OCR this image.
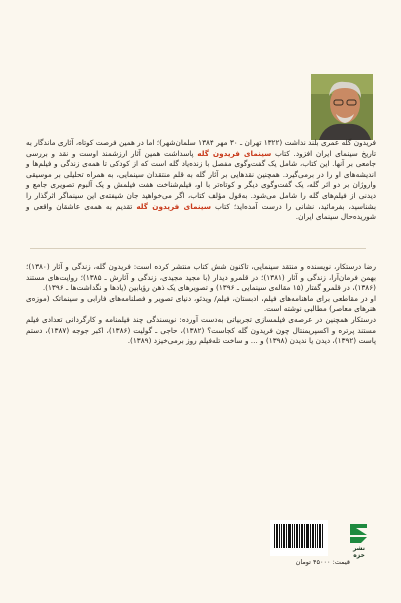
فریدون گله عمری بلند نداشت (۱۳۲۲ تهران ـ ۳۰ مهر ۱۳۸۴ سلمان‌شهر)؛ اما در همین فرصت کوتاه، آثاری ماندگار به تاریخ سینمای ایران افزود. کتاب سینمای فریدون گله پاسداشت همین آثار ارزشمند اوست و نقد و بررسی جامعی بر آنها. این کتاب، شامل یک گفت‌وگوی مفصل با زنده‌یاد گله است که از کودکی تا همه‌ی زندگی و فیلم‌ها و اندیشه‌های او را در برمی‌گیرد. همچنین نقدهایی بر آثار گله به قلم منتقدان سینمایی، به همراه تحلیلی بر موسیقی واروژان بر دو اثر گله، یک گفت‌وگوی دیگر و کوتاه‌تر با او، فیلم‌شناخت هفت فیلمش و یک آلبوم تصویری جامع و دیدنی از فیلم‌های گله را شامل می‌شود. به‌قول مؤلف کتاب، اگر می‌خواهید جان شیفته‌ی این سینماگر اثرگذار را بشناسید، بفرمائید، نشانی را درست آمده‌اید؛ کتاب سینمای فریدون گله تقدیم به همه‌ی عاشقان واقعی و شوریده‌حال سینمای ایران.
رضا درستکار، نویسنده و منتقد سینمایی، تاکنون شش کتاب منتشر کرده است: فریدون گله، زندگی و آثار (۱۳۸۰)؛ بهمن فرمان‌آرا، زندگی و آثار (۱۳۸۱)؛ در قلمرو دیدار (با مجید مجیدی، زندگی و آثارش ـ ۱۳۸۵)؛ روایت‌های مستند (۱۳۸۶)، در قلمرو گفتار (۱۵ مقاله‌ی سینمایی ـ ۱۳۹۶) و تصویرهای یک ذهن رؤیابین (یادها و نگداشت‌ها ـ ۱۳۹۶).
او در مقاطعی برای ماهنامه‌های فیلم، ادبستان، فیلم/ ویدئو، دنیای تصویر و فصلنامه‌های فارابی و سینماتک (موزه‌ی هنرهای معاصر) مطالبی نوشته است.
درستکار همچنین در عرصه‌ی فیلمسازی تجربیاتی به‌دست آورده: نویسندگی چند فیلمنامه و کارگردانی تعدادی فیلم مستند پرتره و اکسپریمنتال چون فریدون گله کجاست؟ (۱۳۸۲)، حاجی ـ گولیت (۱۳۸۶)، اکبر جوجه (۱۳۸۷)، دستم پاست (۱۳۹۲)، دیدن یا ندیدن (۱۳۹۸) و ... و ساخت تله‌فیلم روز برمی‌خیزد (۱۳۸۹).
قیمت: ۴۵۰۰۰ تومان
نشر خزه
